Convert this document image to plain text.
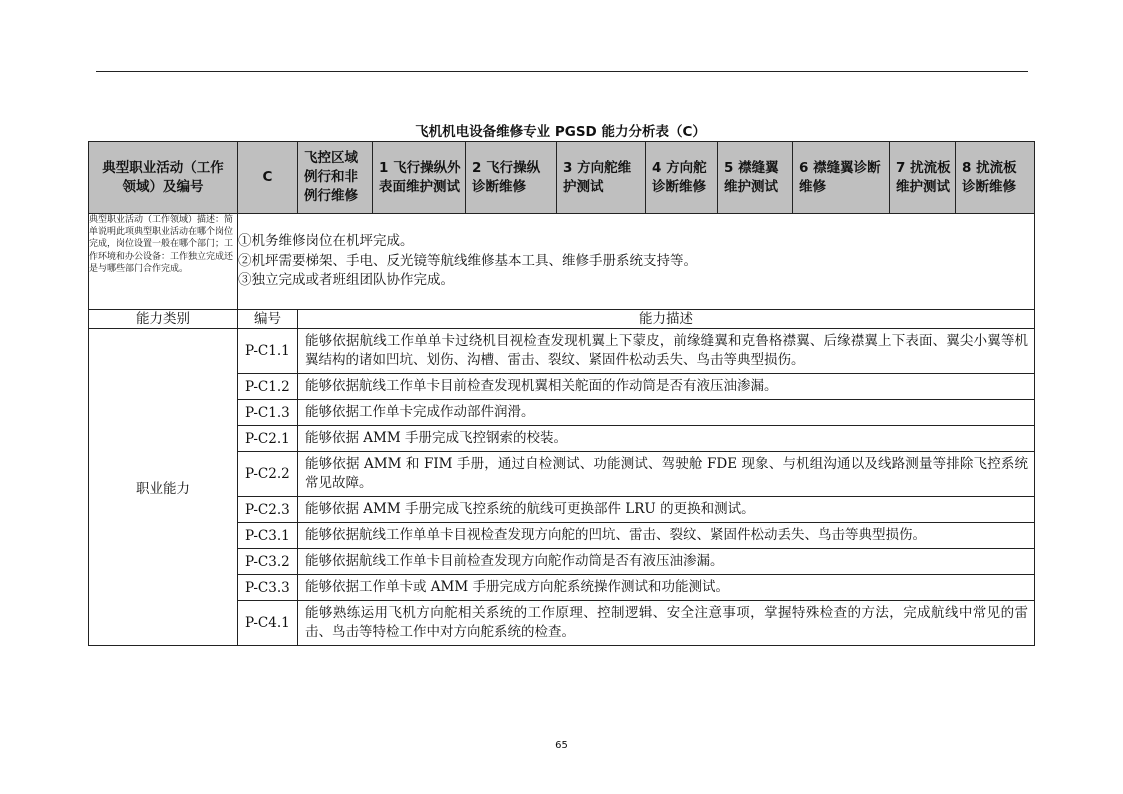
飞机机电设备维修专业 PGSD 能力分析表（C）
典型职业活动（工作领域）及编号	C	飞控区域例行和非例行维修	1 飞行操纵外表面维护测试	2 飞行操纵诊断维修	3 方向舵维护测试	4 方向舵诊断维修	5 襟缝翼维护测试	6 襟缝翼诊断维修	7 扰流板维护测试	8 扰流板诊断维修
典型职业活动（工作领域）描述：简单说明此项典型职业活动在哪个岗位完成，岗位设置一般在哪个部门；工作环境和办公设备：工作独立完成还是与哪些部门合作完成。	①机务维修岗位在机坪完成。
②机坪需要梯架、手电、反光镜等航线维修基本工具、维修手册系统支持等。
③独立完成或者班组团队协作完成。									

能力类别	编号	能力描述								
职业能力	P-C1.1	能够依据航线工作单单卡过绕机目视检查发现机翼上下蒙皮，前缘缝翼和克鲁格襟翼、后缘襟翼上下表面、翼尖小翼等机翼结构的诸如凹坑、划伤、沟槽、雷击、裂纹、紧固件松动丢失、鸟击等典型损伤。								
	P-C1.2	能够依据航线工作单卡目前检查发现机翼相关舵面的作动筒是否有液压油渗漏。								
	P-C1.3	能够依据工作单卡完成作动部件润滑。								
	P-C2.1	能够依据 AMM 手册完成飞控钢索的校装。								
	P-C2.2	能够依据 AMM 和 FIM 手册，通过自检测试、功能测试、驾驶舱 FDE 现象、与机组沟通以及线路测量等排除飞控系统常见故障。								
	P-C2.3	能够依据 AMM 手册完成飞控系统的航线可更换部件 LRU 的更换和测试。								
	P-C3.1	能够依据航线工作单单卡目视检查发现方向舵的凹坑、雷击、裂纹、紧固件松动丢失、鸟击等典型损伤。								
	P-C3.2	能够依据航线工作单卡目前检查发现方向舵作动筒是否有液压油渗漏。								
	P-C3.3	能够依据工作单卡或 AMM 手册完成方向舵系统操作测试和功能测试。								
	P-C4.1	能够熟练运用飞机方向舵相关系统的工作原理、控制逻辑、安全注意事项，掌握特殊检查的方法，完成航线中常见的雷击、鸟击等特检工作中对方向舵系统的检查。								
65
